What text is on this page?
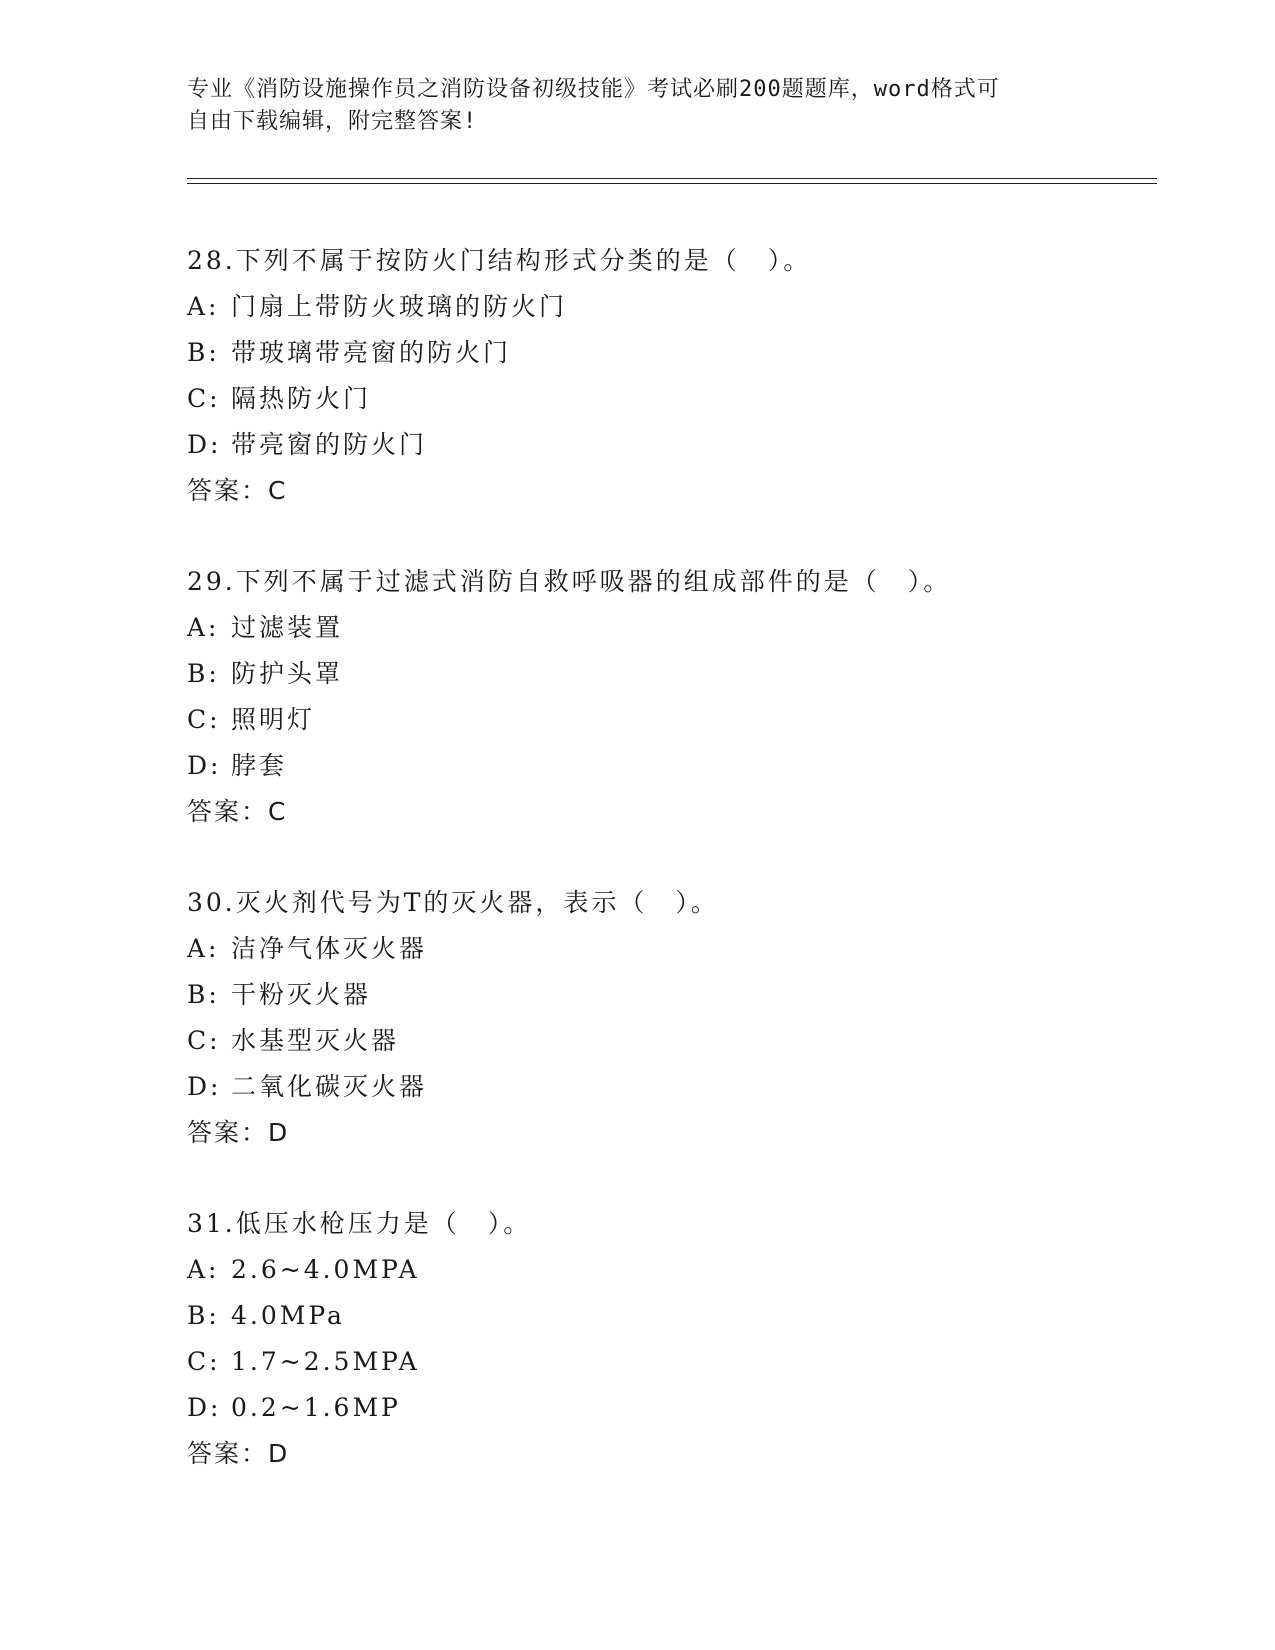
专业《消防设施操作员之消防设备初级技能》考试必刷200题题库，word格式可
自由下载编辑，附完整答案!
28.下列不属于按防火门结构形式分类的是（　）。
A: 门扇上带防火玻璃的防火门
B: 带玻璃带亮窗的防火门
C: 隔热防火门
D: 带亮窗的防火门
答案：C
29.下列不属于过滤式消防自救呼吸器的组成部件的是（　）。
A: 过滤装置
B: 防护头罩
C: 照明灯
D: 脖套
答案：C
30.灭火剂代号为T的灭火器，表示（　）。
A: 洁净气体灭火器
B: 干粉灭火器
C: 水基型灭火器
D: 二氧化碳灭火器
答案：D
31.低压水枪压力是（　）。
A: 2.6~4.0MPA
B: 4.0MPa
C: 1.7~2.5MPA
D: 0.2~1.6MP
答案：D
